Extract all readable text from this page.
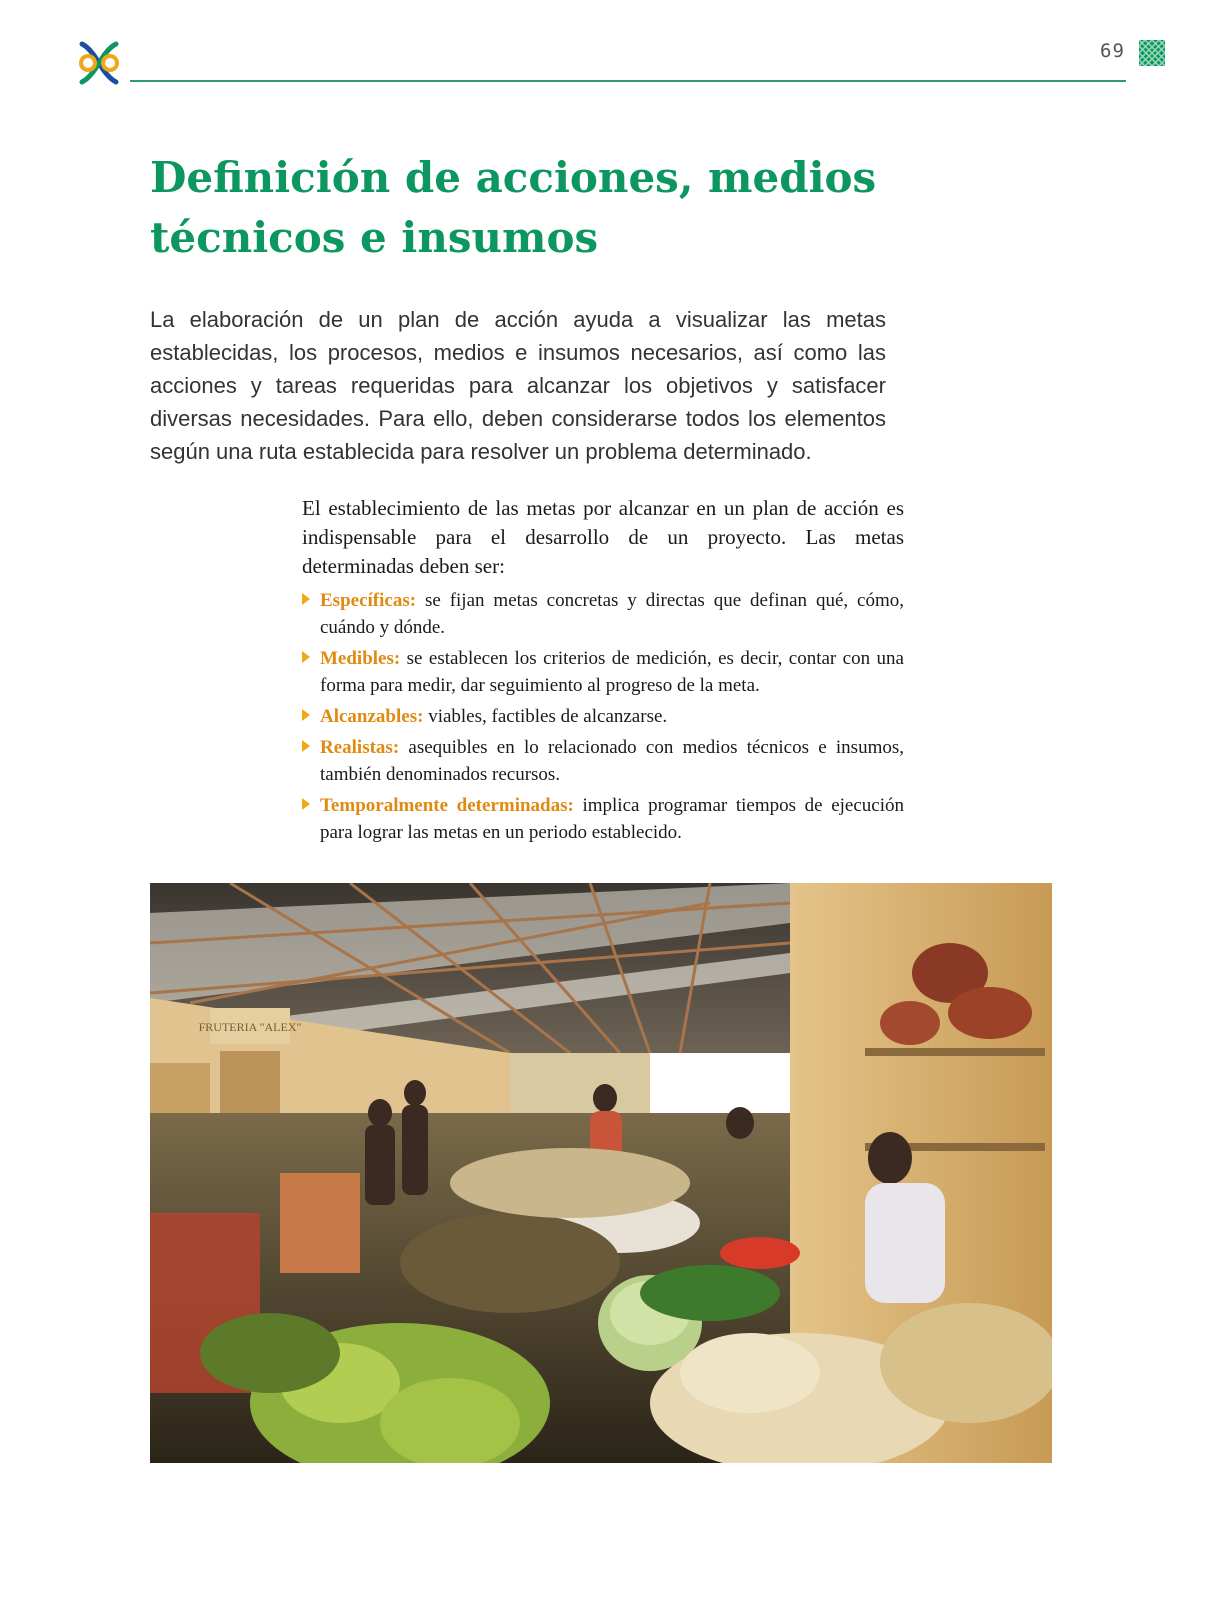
69
Definición de acciones, medios técnicos e insumos

La elaboración de un plan de acción ayuda a visualizar las metas establecidas, los procesos, medios e insumos necesarios, así como las acciones y tareas requeridas para alcanzar los objetivos y satisfacer diversas necesidades. Para ello, deben considerarse todos los elementos según una ruta establecida para resolver un problema determinado.

El establecimiento de las metas por alcanzar en un plan de acción es indispensable para el desarrollo de un proyecto. Las metas determinadas deben ser:

Específicas: se fijan metas concretas y directas que definan qué, cómo, cuándo y dónde.
Medibles: se establecen los criterios de medición, es decir, contar con una forma para medir, dar seguimiento al progreso de la meta.
Alcanzables: viables, factibles de alcanzarse.
Realistas: asequibles en lo relacionado con medios técnicos e insumos, también denominados recursos.
Temporalmente determinadas: implica programar tiempos de ejecución para lograr las metas en un periodo establecido.
FRUTERIA "ALEX"
